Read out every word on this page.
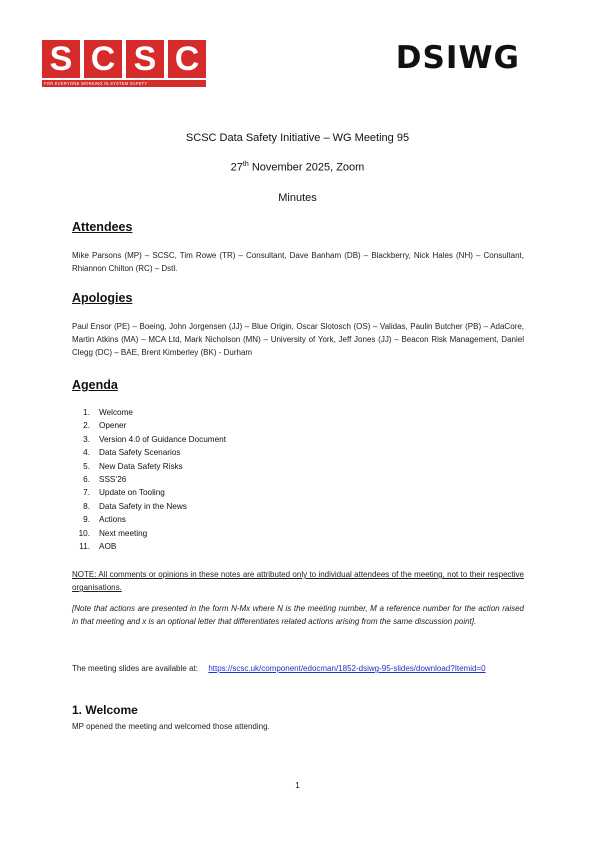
S C S C
FOR EVERYONE WORKING IN SYSTEM SAFETY
DSIWG
SCSC Data Safety Initiative – WG Meeting 95
27th November 2025, Zoom
Minutes
Attendees
Mike Parsons (MP) – SCSC, Tim Rowe (TR) – Consultant, Dave Banham (DB) – Blackberry, Nick Hales (NH) – Consultant, Rhiannon Chilton (RC) – Dstl.
Apologies
Paul Ensor (PE) – Boeing, John Jorgensen (JJ) – Blue Origin, Oscar Slotosch (OS) – Validas, Paulin Butcher (PB) – AdaCore, Martin Atkins (MA) – MCA Ltd, Mark Nicholson (MN) – University of York, Jeff Jones (JJ) – Beacon Risk Management, Daniel Clegg (DC) – BAE, Brent Kimberley (BK) - Durham
Agenda
1. Welcome
2. Opener
3. Version 4.0 of Guidance Document
4. Data Safety Scenarios
5. New Data Safety Risks
6. SSS’26
7. Update on Tooling
8. Data Safety in the News
9. Actions
10. Next meeting
11. AOB
NOTE: All comments or opinions in these notes are attributed only to individual attendees of the meeting, not to their respective organisations.
[Note that actions are presented in the form N-Mx where N is the meeting number, M a reference number for the action raised in that meeting and x is an optional letter that differentiates related actions arising from the same discussion point].
The meeting slides are available at: https://scsc.uk/component/edocman/1852-dsiwg-95-slides/download?Itemid=0
1. Welcome
MP opened the meeting and welcomed those attending.
1
